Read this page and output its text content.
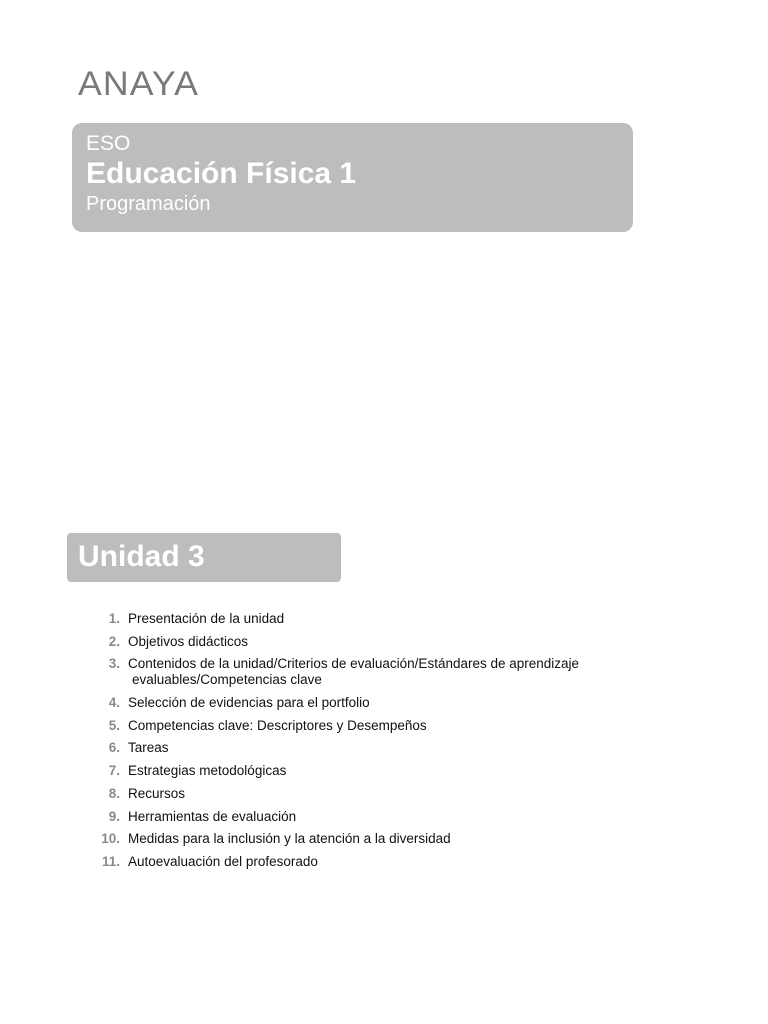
ANAYA
ESO
Educación Física 1
Programación
Unidad 3
1. Presentación de la unidad
2. Objetivos didácticos
3. Contenidos de la unidad/Criterios de evaluación/Estándares de aprendizaje
evaluables/Competencias clave
4. Selección de evidencias para el portfolio
5. Competencias clave: Descriptores y Desempeños
6. Tareas
7. Estrategias metodológicas
8. Recursos
9. Herramientas de evaluación
10. Medidas para la inclusión y la atención a la diversidad
11. Autoevaluación del profesorado
